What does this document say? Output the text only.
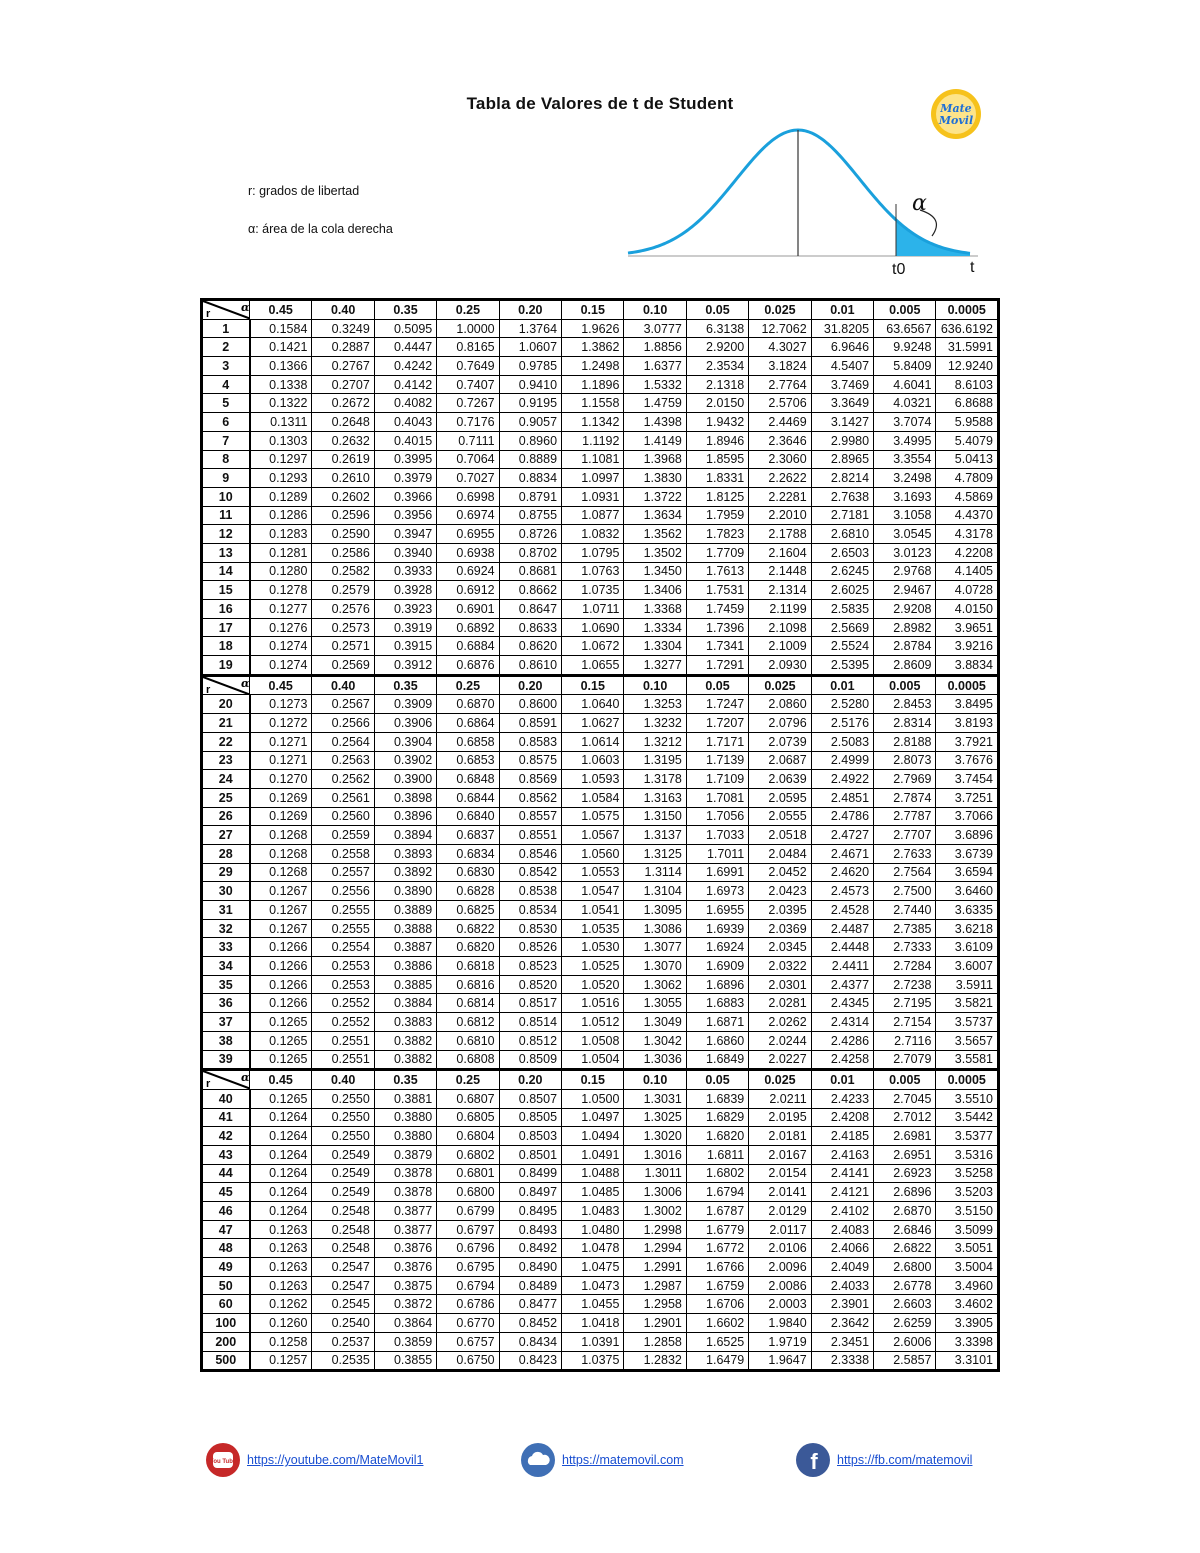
Tabla de Valores de t de Student	Mate
Movil
r: grados de libertad
α: área de la cola derecha
α
t0	t
r α	0.45	0.40	0.35	0.25	0.20	0.15	0.10	0.05	0.025	0.01	0.005	0.0005
1	0.1584	0.3249	0.5095	1.0000	1.3764	1.9626	3.0777	6.3138	12.7062	31.8205	63.6567	636.6192
2	0.1421	0.2887	0.4447	0.8165	1.0607	1.3862	1.8856	2.9200	4.3027	6.9646	9.9248	31.5991
3	0.1366	0.2767	0.4242	0.7649	0.9785	1.2498	1.6377	2.3534	3.1824	4.5407	5.8409	12.9240
4	0.1338	0.2707	0.4142	0.7407	0.9410	1.1896	1.5332	2.1318	2.7764	3.7469	4.6041	8.6103
5	0.1322	0.2672	0.4082	0.7267	0.9195	1.1558	1.4759	2.0150	2.5706	3.3649	4.0321	6.8688
6	0.1311	0.2648	0.4043	0.7176	0.9057	1.1342	1.4398	1.9432	2.4469	3.1427	3.7074	5.9588
7	0.1303	0.2632	0.4015	0.7111	0.8960	1.1192	1.4149	1.8946	2.3646	2.9980	3.4995	5.4079
8	0.1297	0.2619	0.3995	0.7064	0.8889	1.1081	1.3968	1.8595	2.3060	2.8965	3.3554	5.0413
9	0.1293	0.2610	0.3979	0.7027	0.8834	1.0997	1.3830	1.8331	2.2622	2.8214	3.2498	4.7809
10	0.1289	0.2602	0.3966	0.6998	0.8791	1.0931	1.3722	1.8125	2.2281	2.7638	3.1693	4.5869
11	0.1286	0.2596	0.3956	0.6974	0.8755	1.0877	1.3634	1.7959	2.2010	2.7181	3.1058	4.4370
12	0.1283	0.2590	0.3947	0.6955	0.8726	1.0832	1.3562	1.7823	2.1788	2.6810	3.0545	4.3178
13	0.1281	0.2586	0.3940	0.6938	0.8702	1.0795	1.3502	1.7709	2.1604	2.6503	3.0123	4.2208
14	0.1280	0.2582	0.3933	0.6924	0.8681	1.0763	1.3450	1.7613	2.1448	2.6245	2.9768	4.1405
15	0.1278	0.2579	0.3928	0.6912	0.8662	1.0735	1.3406	1.7531	2.1314	2.6025	2.9467	4.0728
16	0.1277	0.2576	0.3923	0.6901	0.8647	1.0711	1.3368	1.7459	2.1199	2.5835	2.9208	4.0150
17	0.1276	0.2573	0.3919	0.6892	0.8633	1.0690	1.3334	1.7396	2.1098	2.5669	2.8982	3.9651
18	0.1274	0.2571	0.3915	0.6884	0.8620	1.0672	1.3304	1.7341	2.1009	2.5524	2.8784	3.9216
19	0.1274	0.2569	0.3912	0.6876	0.8610	1.0655	1.3277	1.7291	2.0930	2.5395	2.8609	3.8834

r α	0.45	0.40	0.35	0.25	0.20	0.15	0.10	0.05	0.025	0.01	0.005	0.0005
20	0.1273	0.2567	0.3909	0.6870	0.8600	1.0640	1.3253	1.7247	2.0860	2.5280	2.8453	3.8495
21	0.1272	0.2566	0.3906	0.6864	0.8591	1.0627	1.3232	1.7207	2.0796	2.5176	2.8314	3.8193
22	0.1271	0.2564	0.3904	0.6858	0.8583	1.0614	1.3212	1.7171	2.0739	2.5083	2.8188	3.7921
23	0.1271	0.2563	0.3902	0.6853	0.8575	1.0603	1.3195	1.7139	2.0687	2.4999	2.8073	3.7676
24	0.1270	0.2562	0.3900	0.6848	0.8569	1.0593	1.3178	1.7109	2.0639	2.4922	2.7969	3.7454
25	0.1269	0.2561	0.3898	0.6844	0.8562	1.0584	1.3163	1.7081	2.0595	2.4851	2.7874	3.7251
26	0.1269	0.2560	0.3896	0.6840	0.8557	1.0575	1.3150	1.7056	2.0555	2.4786	2.7787	3.7066
27	0.1268	0.2559	0.3894	0.6837	0.8551	1.0567	1.3137	1.7033	2.0518	2.4727	2.7707	3.6896
28	0.1268	0.2558	0.3893	0.6834	0.8546	1.0560	1.3125	1.7011	2.0484	2.4671	2.7633	3.6739
29	0.1268	0.2557	0.3892	0.6830	0.8542	1.0553	1.3114	1.6991	2.0452	2.4620	2.7564	3.6594
30	0.1267	0.2556	0.3890	0.6828	0.8538	1.0547	1.3104	1.6973	2.0423	2.4573	2.7500	3.6460
31	0.1267	0.2555	0.3889	0.6825	0.8534	1.0541	1.3095	1.6955	2.0395	2.4528	2.7440	3.6335
32	0.1267	0.2555	0.3888	0.6822	0.8530	1.0535	1.3086	1.6939	2.0369	2.4487	2.7385	3.6218
33	0.1266	0.2554	0.3887	0.6820	0.8526	1.0530	1.3077	1.6924	2.0345	2.4448	2.7333	3.6109
34	0.1266	0.2553	0.3886	0.6818	0.8523	1.0525	1.3070	1.6909	2.0322	2.4411	2.7284	3.6007
35	0.1266	0.2553	0.3885	0.6816	0.8520	1.0520	1.3062	1.6896	2.0301	2.4377	2.7238	3.5911
36	0.1266	0.2552	0.3884	0.6814	0.8517	1.0516	1.3055	1.6883	2.0281	2.4345	2.7195	3.5821
37	0.1265	0.2552	0.3883	0.6812	0.8514	1.0512	1.3049	1.6871	2.0262	2.4314	2.7154	3.5737
38	0.1265	0.2551	0.3882	0.6810	0.8512	1.0508	1.3042	1.6860	2.0244	2.4286	2.7116	3.5657
39	0.1265	0.2551	0.3882	0.6808	0.8509	1.0504	1.3036	1.6849	2.0227	2.4258	2.7079	3.5581

r α	0.45	0.40	0.35	0.25	0.20	0.15	0.10	0.05	0.025	0.01	0.005	0.0005
40	0.1265	0.2550	0.3881	0.6807	0.8507	1.0500	1.3031	1.6839	2.0211	2.4233	2.7045	3.5510
41	0.1264	0.2550	0.3880	0.6805	0.8505	1.0497	1.3025	1.6829	2.0195	2.4208	2.7012	3.5442
42	0.1264	0.2550	0.3880	0.6804	0.8503	1.0494	1.3020	1.6820	2.0181	2.4185	2.6981	3.5377
43	0.1264	0.2549	0.3879	0.6802	0.8501	1.0491	1.3016	1.6811	2.0167	2.4163	2.6951	3.5316
44	0.1264	0.2549	0.3878	0.6801	0.8499	1.0488	1.3011	1.6802	2.0154	2.4141	2.6923	3.5258
45	0.1264	0.2549	0.3878	0.6800	0.8497	1.0485	1.3006	1.6794	2.0141	2.4121	2.6896	3.5203
46	0.1264	0.2548	0.3877	0.6799	0.8495	1.0483	1.3002	1.6787	2.0129	2.4102	2.6870	3.5150
47	0.1263	0.2548	0.3877	0.6797	0.8493	1.0480	1.2998	1.6779	2.0117	2.4083	2.6846	3.5099
48	0.1263	0.2548	0.3876	0.6796	0.8492	1.0478	1.2994	1.6772	2.0106	2.4066	2.6822	3.5051
49	0.1263	0.2547	0.3876	0.6795	0.8490	1.0475	1.2991	1.6766	2.0096	2.4049	2.6800	3.5004
50	0.1263	0.2547	0.3875	0.6794	0.8489	1.0473	1.2987	1.6759	2.0086	2.4033	2.6778	3.4960
60	0.1262	0.2545	0.3872	0.6786	0.8477	1.0455	1.2958	1.6706	2.0003	2.3901	2.6603	3.4602
100	0.1260	0.2540	0.3864	0.6770	0.8452	1.0418	1.2901	1.6602	1.9840	2.3642	2.6259	3.3905
200	0.1258	0.2537	0.3859	0.6757	0.8434	1.0391	1.2858	1.6525	1.9719	2.3451	2.6006	3.3398
500	0.1257	0.2535	0.3855	0.6750	0.8423	1.0375	1.2832	1.6479	1.9647	2.3338	2.5857	3.3101
You Tube https://youtube.com/MateMovil1	https://matemovil.com	f https://fb.com/matemovil
